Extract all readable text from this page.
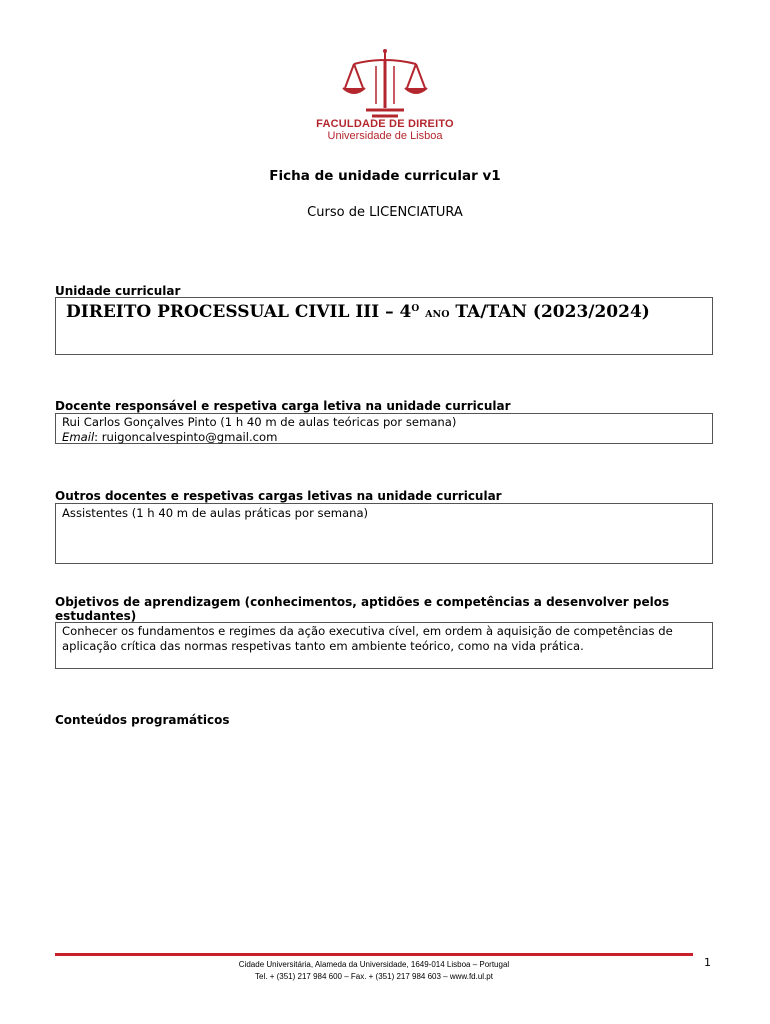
FACULDADE DE DIREITO
Universidade de Lisboa
Ficha de unidade curricular v1
Curso de LICENCIATURA
Unidade curricular
DIREITO PROCESSUAL CIVIL III – $4^O$ ANO TA/TAN (2023/2024)
Docente responsável e respetiva carga letiva na unidade curricular
Rui Carlos Gonçalves Pinto (1 h 40 m de aulas teóricas por semana)
Email: ruigoncalvespinto@gmail.com
Outros docentes e respetivas cargas letivas na unidade curricular
Assistentes (1 h 40 m de aulas práticas por semana)
Objetivos de aprendizagem (conhecimentos, aptidões e competências a desenvolver pelos estudantes)
Conhecer os fundamentos e regimes da ação executiva cível, em ordem à aquisição de competências de aplicação crítica das normas respetivas tanto em ambiente teórico, como na vida prática.
Conteúdos programáticos
Cidade Universitária, Alameda da Universidade, 1649-014 Lisboa – Portugal
Tel. + (351) 217 984 600 – Fax. + (351) 217 984 603 – www.fd.ul.pt
1
